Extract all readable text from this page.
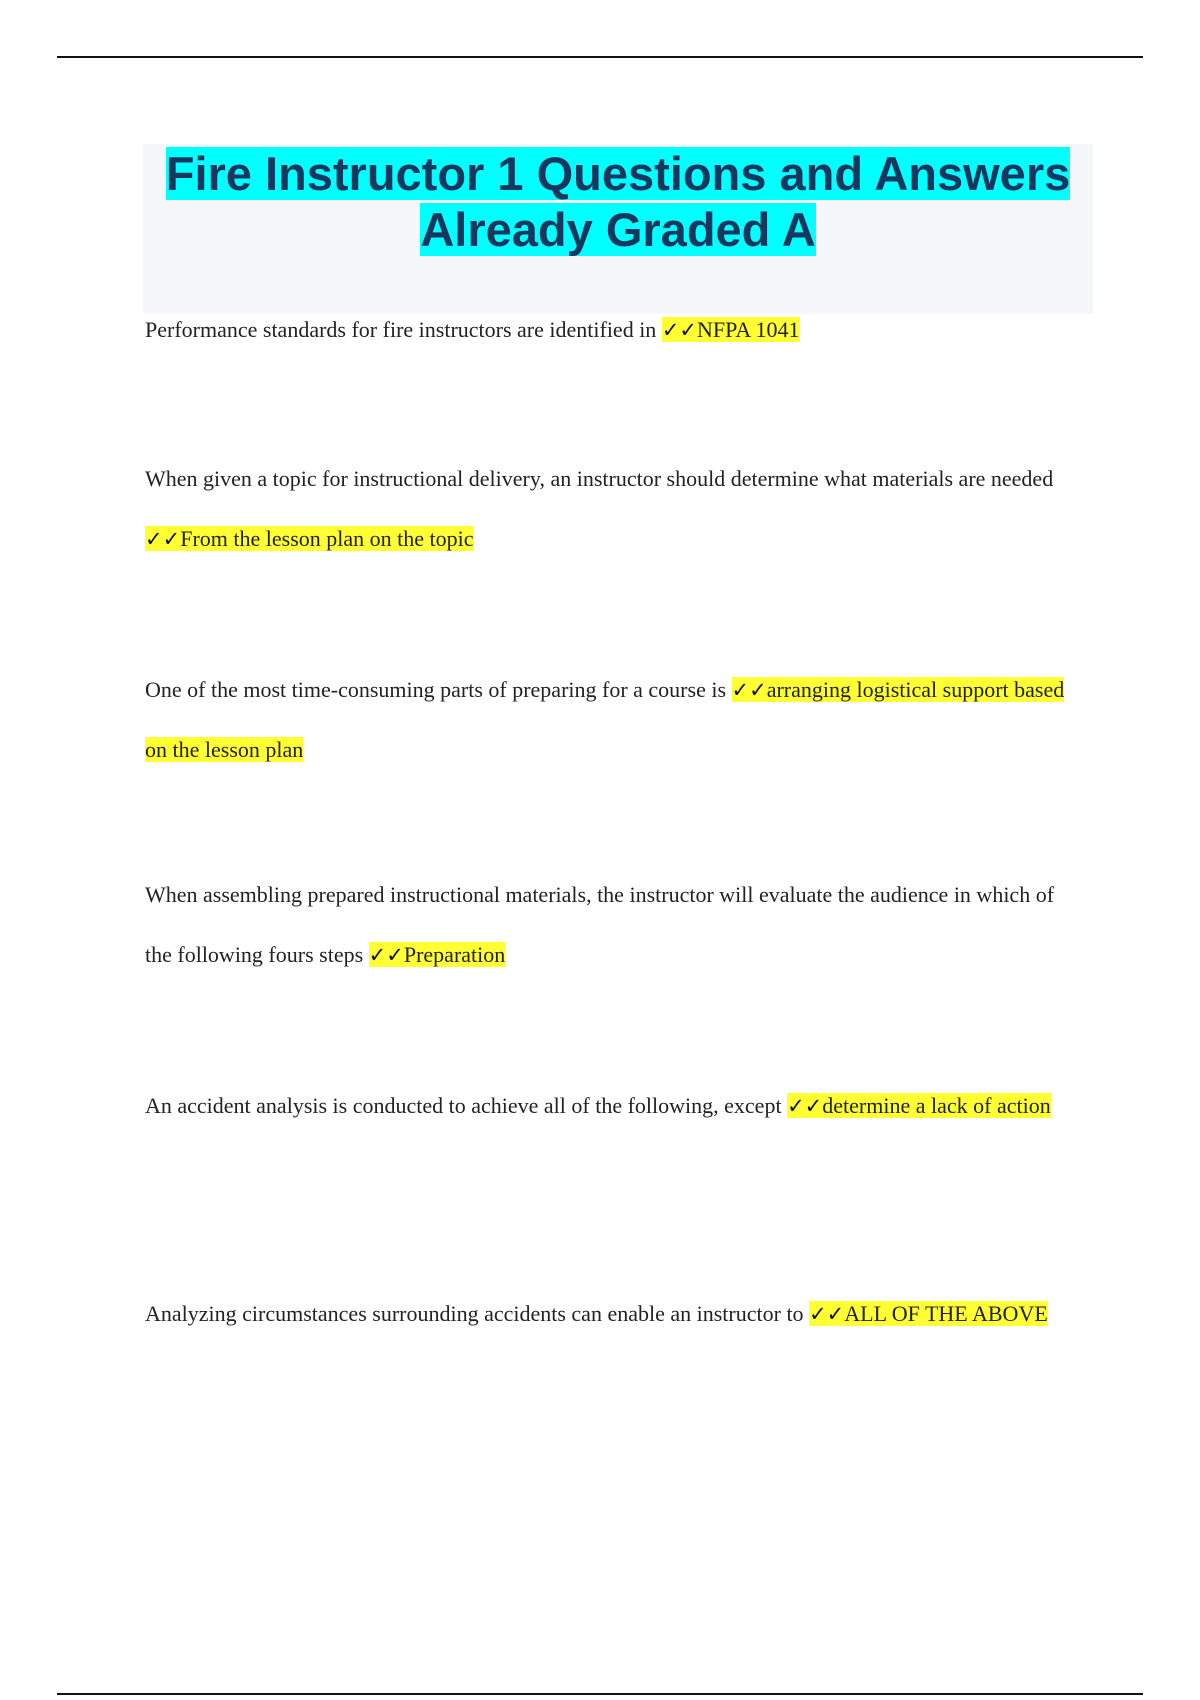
Fire Instructor 1 Questions and Answers Already Graded A

Performance standards for fire instructors are identified in ✓✓NFPA 1041

When given a topic for instructional delivery, an instructor should determine what materials are needed ✓✓From the lesson plan on the topic

One of the most time-consuming parts of preparing for a course is ✓✓arranging logistical support based on the lesson plan

When assembling prepared instructional materials, the instructor will evaluate the audience in which of the following fours steps ✓✓Preparation

An accident analysis is conducted to achieve all of the following, except ✓✓determine a lack of action

Analyzing circumstances surrounding accidents can enable an instructor to ✓✓ALL OF THE ABOVE
